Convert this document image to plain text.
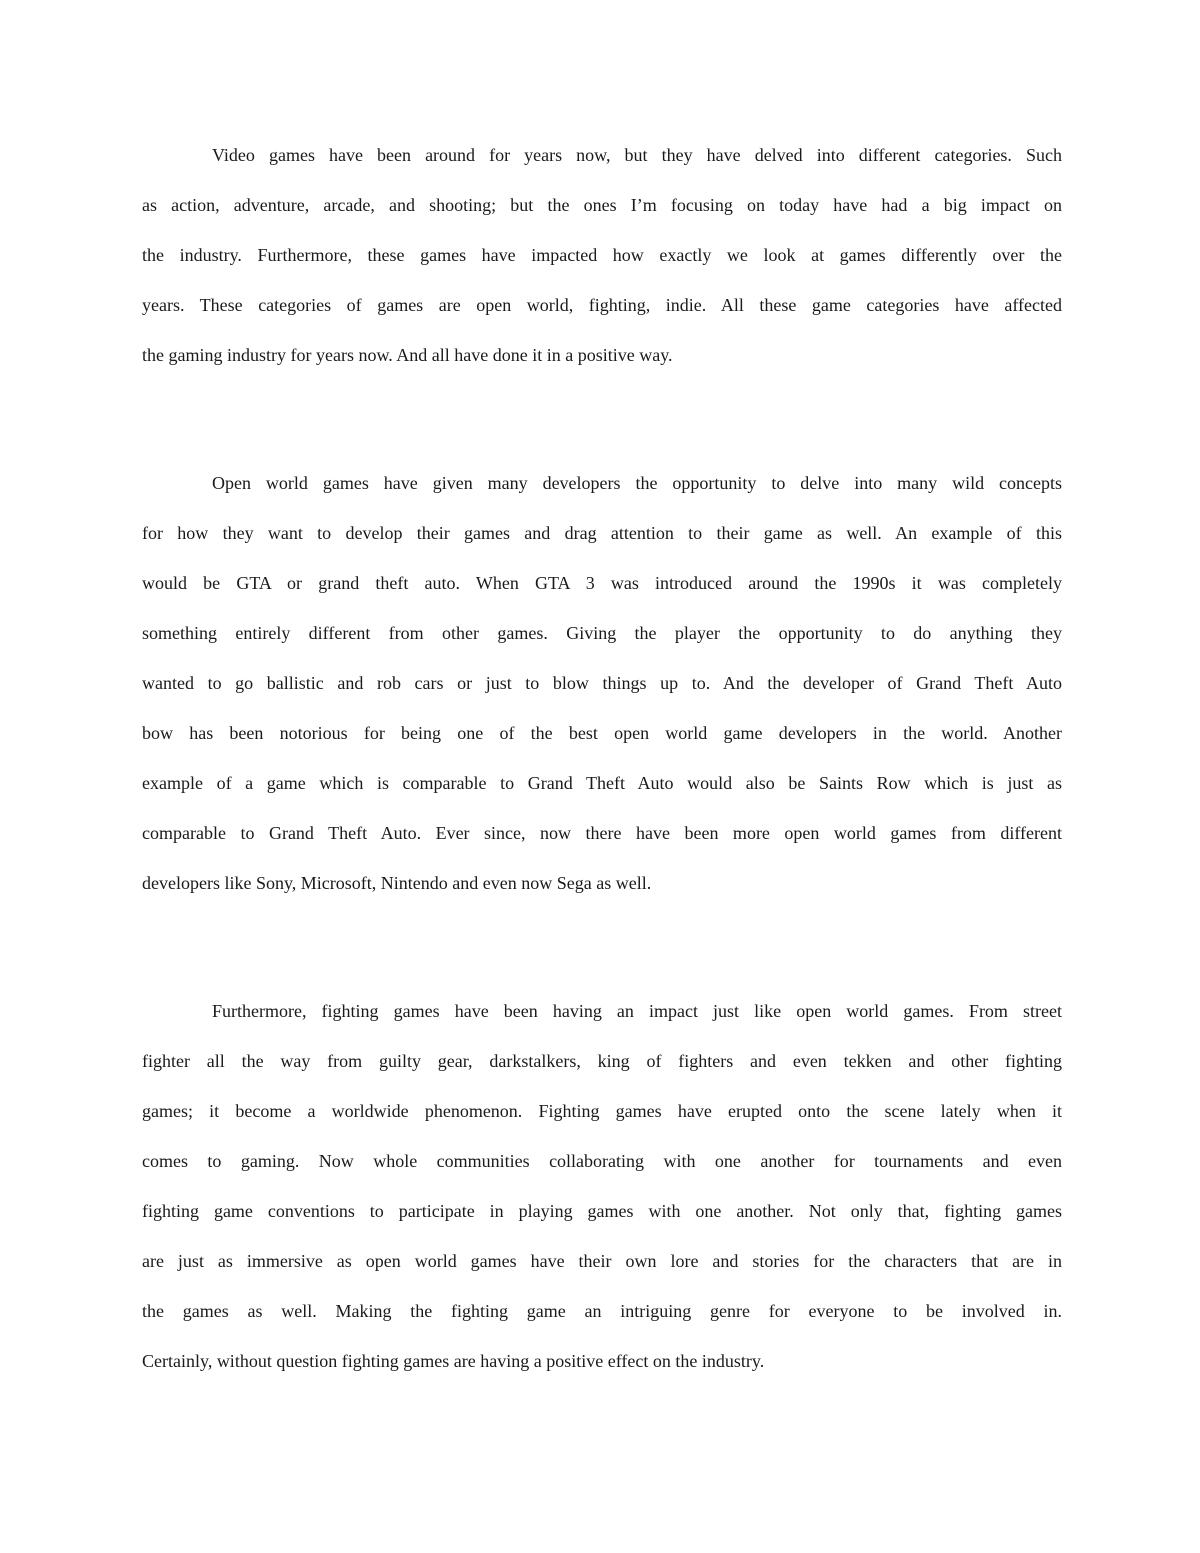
Video games have been around for years now, but they have delved into different categories. Such
as action, adventure, arcade, and shooting; but the ones I’m focusing on today have had a big impact on
the industry. Furthermore, these games have impacted how exactly we look at games differently over the
years. These categories of games are open world, fighting, indie. All these game categories have affected
the gaming industry for years now. And all have done it in a positive way.
Open world games have given many developers the opportunity to delve into many wild concepts
for how they want to develop their games and drag attention to their game as well. An example of this
would be GTA or grand theft auto. When GTA 3 was introduced around the 1990s it was completely
something entirely different from other games. Giving the player the opportunity to do anything they
wanted to go ballistic and rob cars or just to blow things up to. And the developer of Grand Theft Auto
bow has been notorious for being one of the best open world game developers in the world. Another
example of a game which is comparable to Grand Theft Auto would also be Saints Row which is just as
comparable to Grand Theft Auto. Ever since, now there have been more open world games from different
developers like Sony, Microsoft, Nintendo and even now Sega as well.
Furthermore, fighting games have been having an impact just like open world games. From street
fighter all the way from guilty gear, darkstalkers, king of fighters and even tekken and other fighting
games; it become a worldwide phenomenon. Fighting games have erupted onto the scene lately when it
comes to gaming. Now whole communities collaborating with one another for tournaments and even
fighting game conventions to participate in playing games with one another. Not only that, fighting games
are just as immersive as open world games have their own lore and stories for the characters that are in
the games as well. Making the fighting game an intriguing genre for everyone to be involved in.
Certainly, without question fighting games are having a positive effect on the industry.
